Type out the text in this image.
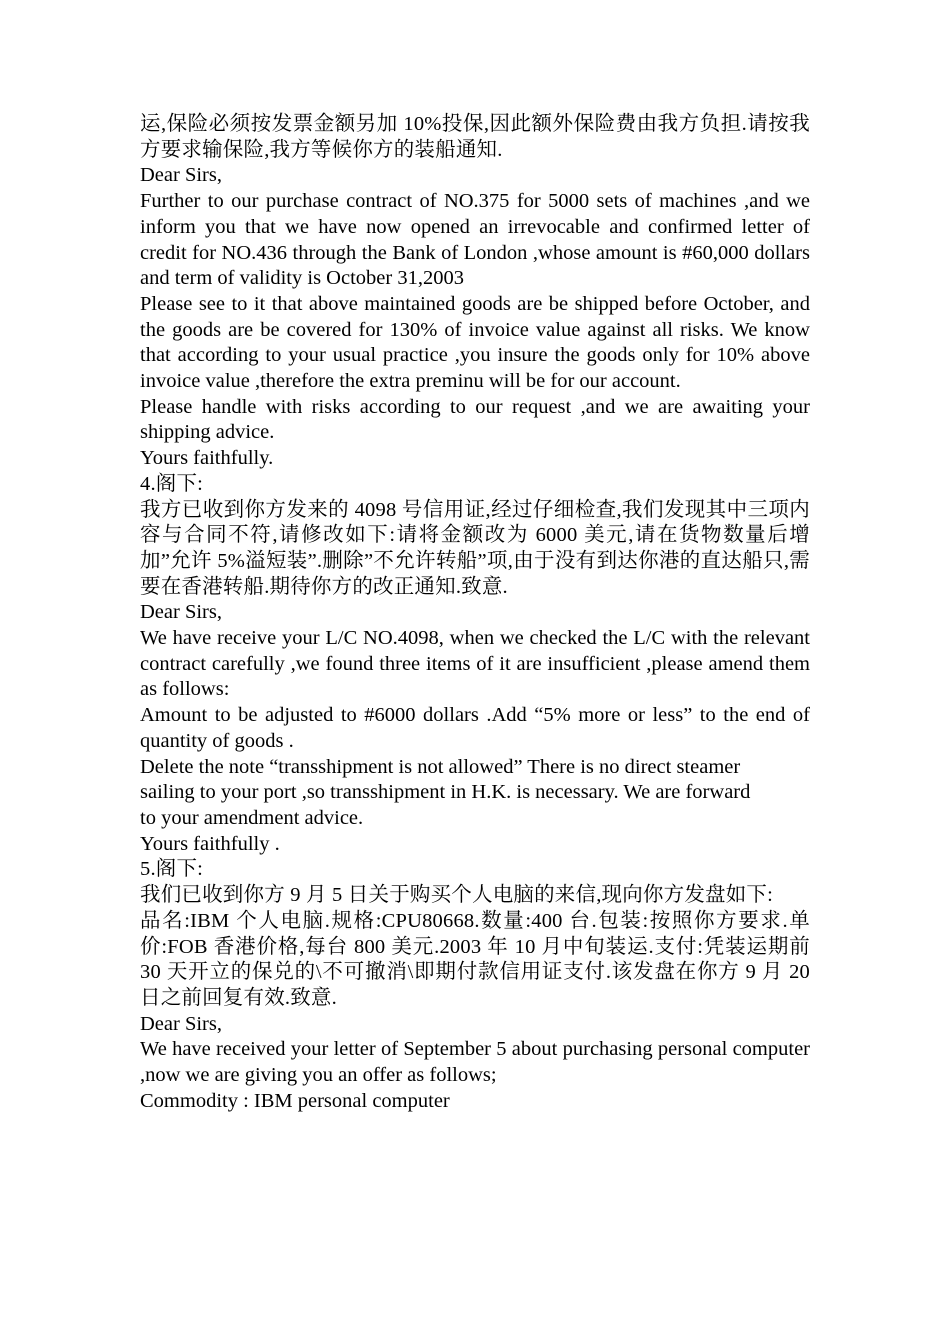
运,保险必须按发票金额另加 10%投保,因此额外保险费由我方负担.请按我方要求输保险,我方等候你方的装船通知.
Dear Sirs,
Further to our purchase contract of NO.375 for 5000 sets of machines ,and we inform you that we have now opened an irrevocable and confirmed letter of credit for NO.436 through the Bank of London ,whose amount is #60,000 dollars and term of validity is October 31,2003
Please see to it that above maintained goods are be shipped before October, and the goods are be covered for 130% of invoice value against all risks. We know that according to your usual practice ,you insure the goods only for 10% above invoice value ,therefore the extra preminu will be for our account.
Please handle with risks according to our request ,and we are awaiting your shipping advice.
Yours faithfully.
4.阁下:
我方已收到你方发来的 4098 号信用证,经过仔细检查,我们发现其中三项内容与合同不符,请修改如下:请将金额改为 6000 美元,请在货物数量后增加”允许 5%溢短装”.删除”不允许转船”项,由于没有到达你港的直达船只,需要在香港转船.期待你方的改正通知.致意.
Dear Sirs,
We have receive your L/C NO.4098, when we checked the L/C with the relevant contract carefully ,we found three items of it are insufficient ,please amend them as follows:
Amount to be adjusted to #6000 dollars .Add “5% more or less” to the end of quantity of goods .
Delete the note “transshipment is not allowed” There is no direct steamer
sailing to your port ,so transshipment in H.K. is necessary. We are forward
to your amendment advice.
Yours faithfully .
5.阁下:
我们已收到你方 9 月 5 日关于购买个人电脑的来信,现向你方发盘如下:
品名:IBM 个人电脑.规格:CPU80668.数量:400 台.包装:按照你方要求.单价:FOB 香港价格,每台 800 美元.2003 年 10 月中旬装运.支付:凭装运期前 30 天开立的保兑的\不可撤消\即期付款信用证支付.该发盘在你方 9 月 20 日之前回复有效.致意.
Dear Sirs,
We have received your letter of September 5 about purchasing personal computer ,now we are giving you an offer as follows;
Commodity : IBM personal computer
